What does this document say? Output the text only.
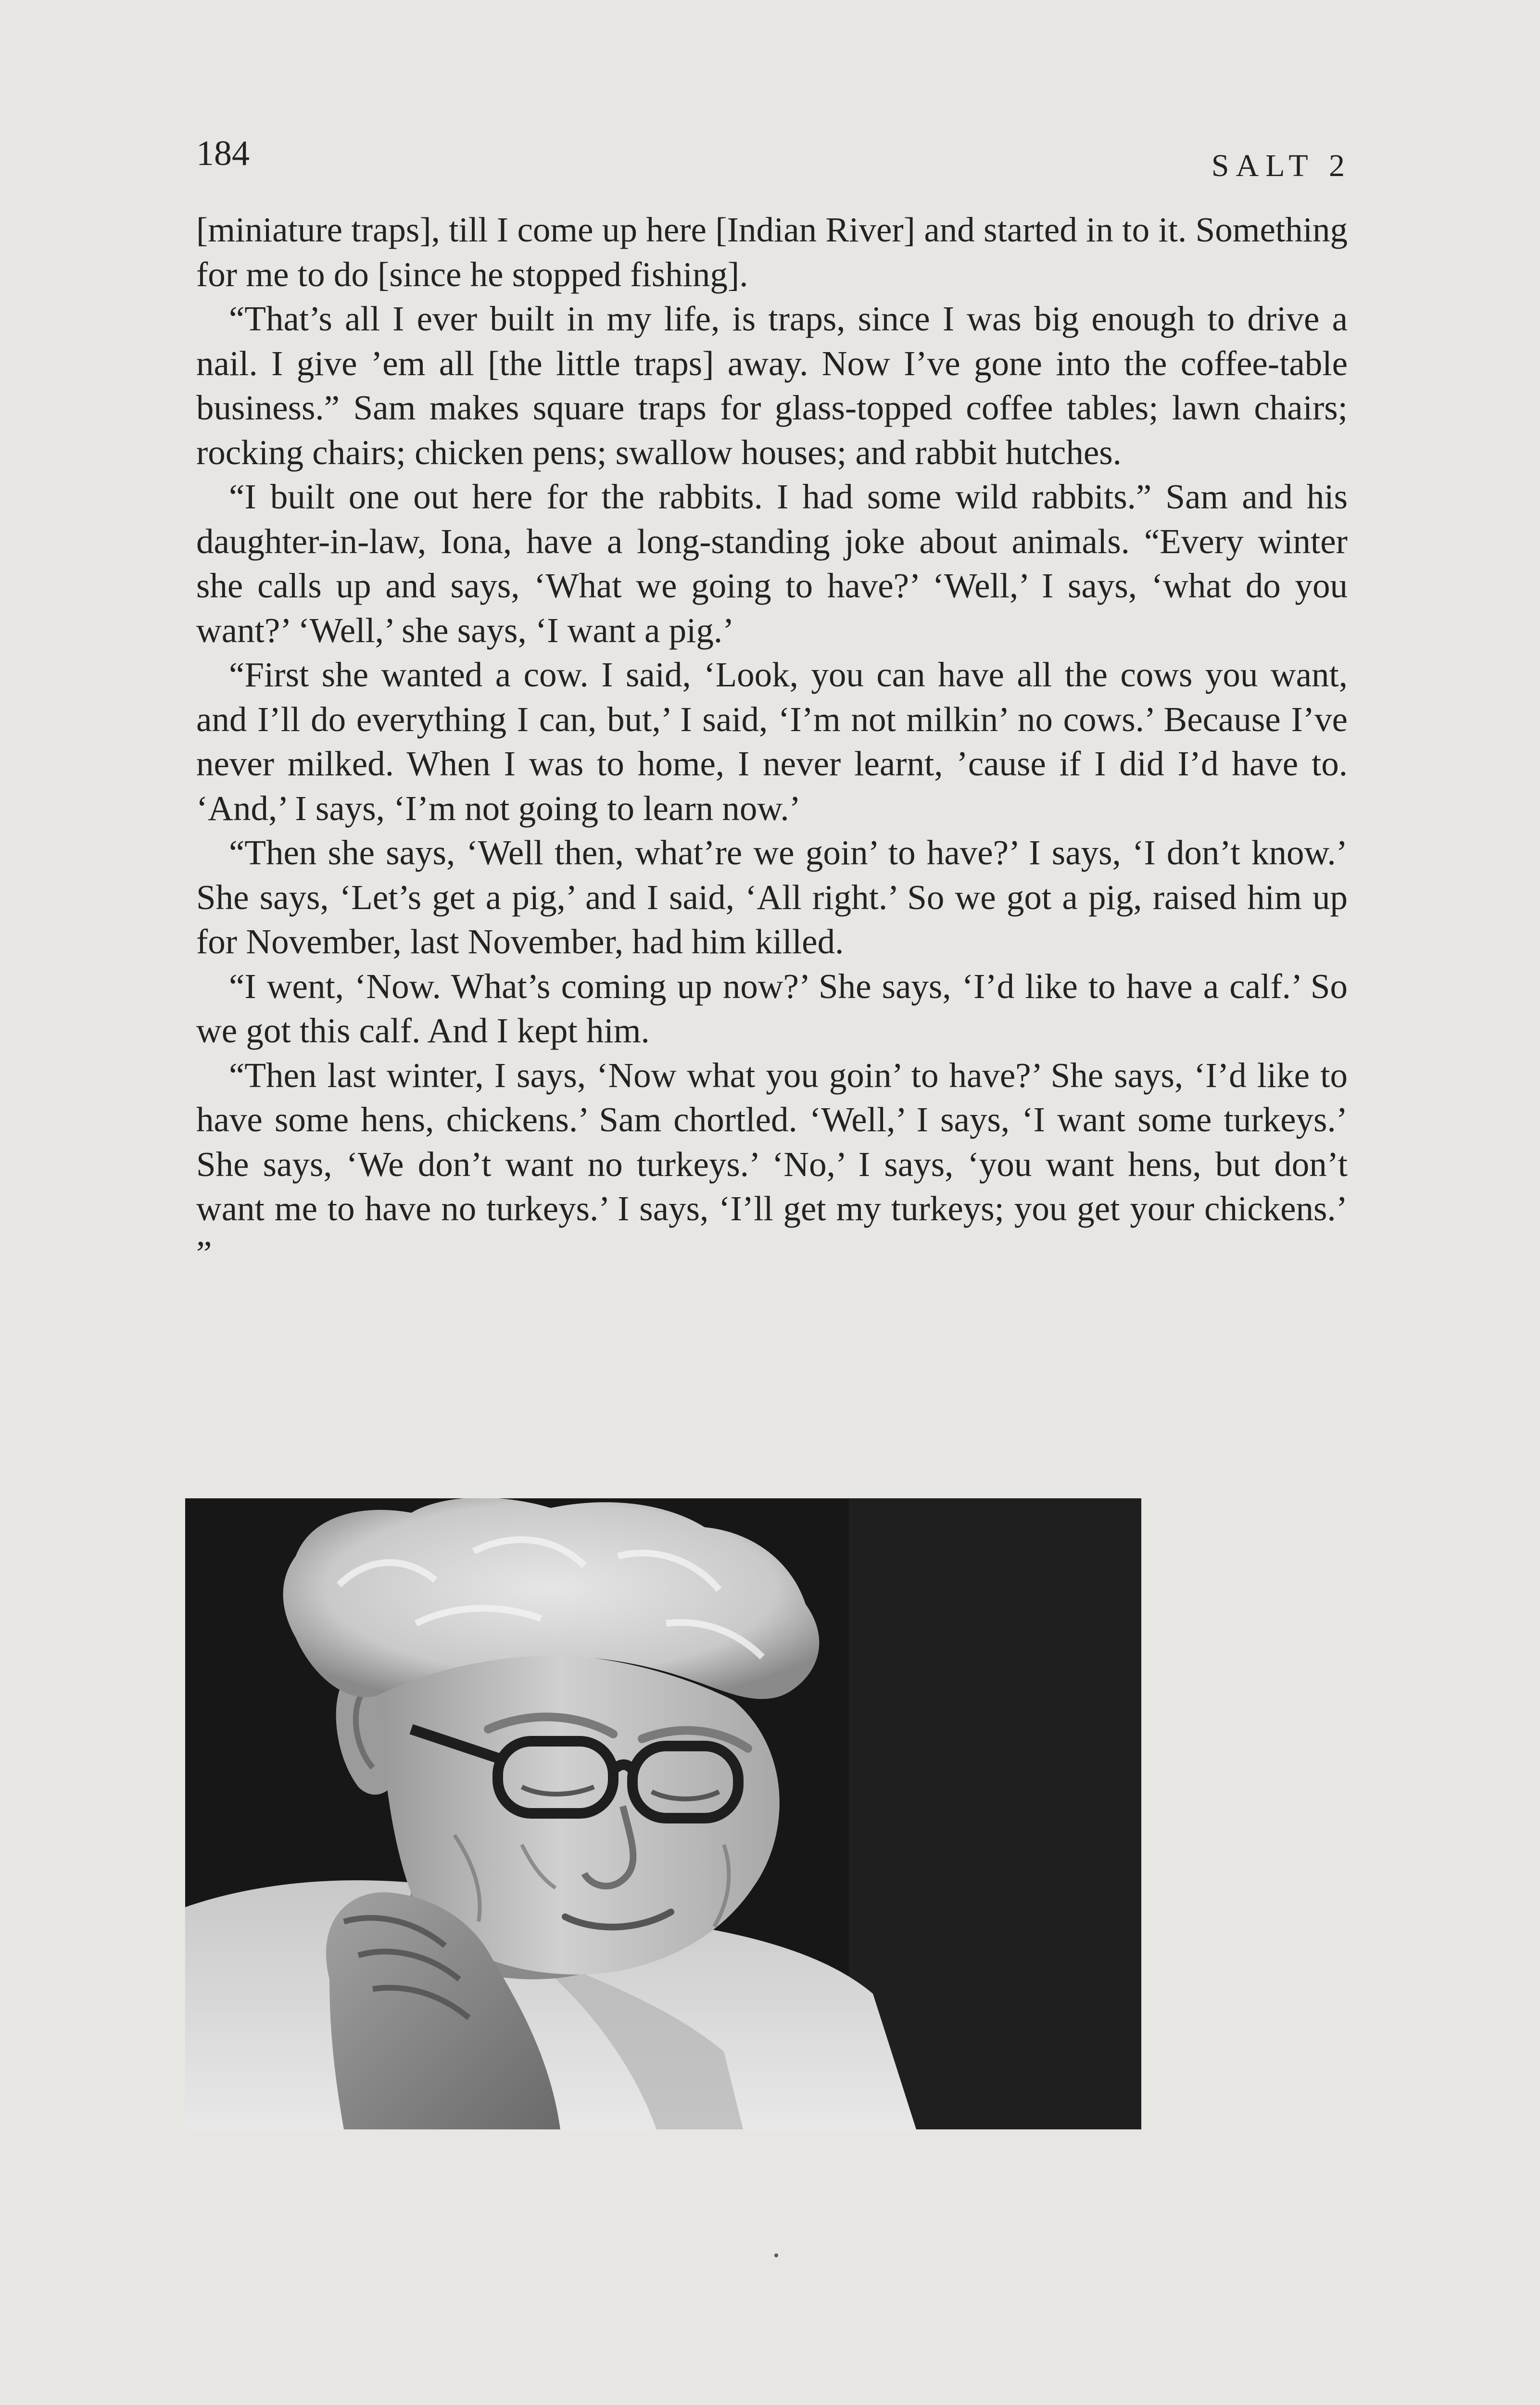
184	SALT 2

[miniature traps], till I come up here [Indian River] and started in to it. Something for me to do [since he stopped fishing].

“That’s all I ever built in my life, is traps, since I was big enough to drive a nail. I give ’em all [the little traps] away. Now I’ve gone into the coffee-table business.” Sam makes square traps for glass-topped coffee tables; lawn chairs; rocking chairs; chicken pens; swallow houses; and rabbit hutches.

“I built one out here for the rabbits. I had some wild rabbits.” Sam and his daughter-in-law, Iona, have a long-standing joke about animals. “Every winter she calls up and says, ‘What we going to have?’ ‘Well,’ I says, ‘what do you want?’ ‘Well,’ she says, ‘I want a pig.’

“First she wanted a cow. I said, ‘Look, you can have all the cows you want, and I’ll do everything I can, but,’ I said, ‘I’m not milkin’ no cows.’ Because I’ve never milked. When I was to home, I never learnt, ’cause if I did I’d have to. ‘And,’ I says, ‘I’m not going to learn now.’

“Then she says, ‘Well then, what’re we goin’ to have?’ I says, ‘I don’t know.’ She says, ‘Let’s get a pig,’ and I said, ‘All right.’ So we got a pig, raised him up for November, last November, had him killed.

“I went, ‘Now. What’s coming up now?’ She says, ‘I’d like to have a calf.’ So we got this calf. And I kept him.

“Then last winter, I says, ‘Now what you goin’ to have?’ She says, ‘I’d like to have some hens, chickens.’ Sam chortled. ‘Well,’ I says, ‘I want some turkeys.’ She says, ‘We don’t want no turkeys.’ ‘No,’ I says, ‘you want hens, but don’t want me to have no turkeys.’ I says, ‘I’ll get my turkeys; you get your chickens.’ ”
